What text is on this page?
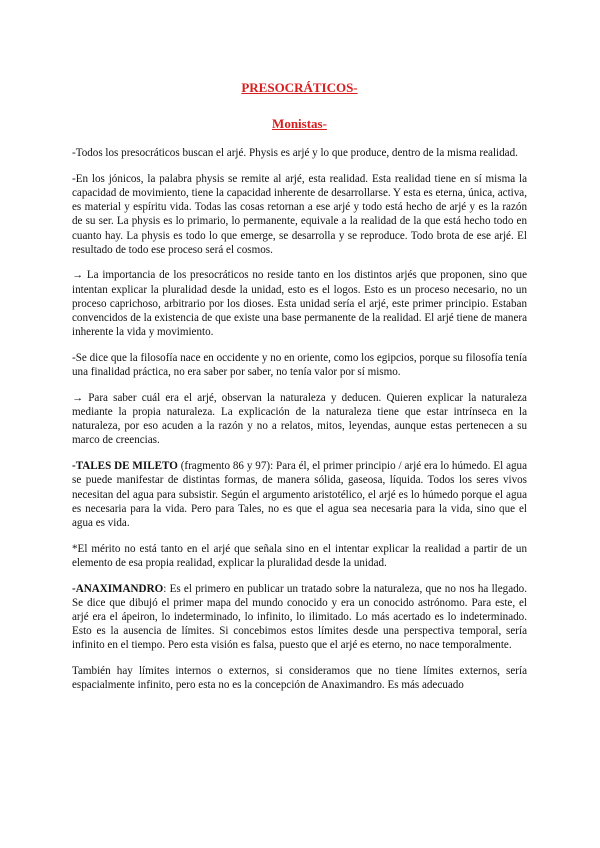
PRESOCRÁTICOS-
Monistas-

-Todos los presocráticos buscan el arjé. Physis es arjé y lo que produce, dentro de la misma realidad.

-En los jónicos, la palabra physis se remite al arjé, esta realidad. Esta realidad tiene en sí misma la capacidad de movimiento, tiene la capacidad inherente de desarrollarse. Y esta es eterna, única, activa, es material y espíritu vida. Todas las cosas retornan a ese arjé y todo está hecho de arjé y es la razón de su ser. La physis es lo primario, lo permanente, equivale a la realidad de la que está hecho todo en cuanto hay. La physis es todo lo que emerge, se desarrolla y se reproduce. Todo brota de ese arjé. El resultado de todo ese proceso será el cosmos.

→ La importancia de los presocráticos no reside tanto en los distintos arjés que proponen, sino que intentan explicar la pluralidad desde la unidad, esto es el logos. Esto es un proceso necesario, no un proceso caprichoso, arbitrario por los dioses. Esta unidad sería el arjé, este primer principio. Estaban convencidos de la existencia de que existe una base permanente de la realidad. El arjé tiene de manera inherente la vida y movimiento.

-Se dice que la filosofía nace en occidente y no en oriente, como los egipcios, porque su filosofía tenía una finalidad práctica, no era saber por saber, no tenía valor por sí mismo.

→ Para saber cuál era el arjé, observan la naturaleza y deducen. Quieren explicar la naturaleza mediante la propia naturaleza. La explicación de la naturaleza tiene que estar intrínseca en la naturaleza, por eso acuden a la razón y no a relatos, mitos, leyendas, aunque estas pertenecen a su marco de creencias.

-TALES DE MILETO (fragmento 86 y 97): Para él, el primer principio / arjé era lo húmedo. El agua se puede manifestar de distintas formas, de manera sólida, gaseosa, líquida. Todos los seres vivos necesitan del agua para subsistir. Según el argumento aristotélico, el arjé es lo húmedo porque el agua es necesaria para la vida. Pero para Tales, no es que el agua sea necesaria para la vida, sino que el agua es vida.

*El mérito no está tanto en el arjé que señala sino en el intentar explicar la realidad a partir de un elemento de esa propia realidad, explicar la pluralidad desde la unidad.

-ANAXIMANDRO: Es el primero en publicar un tratado sobre la naturaleza, que no nos ha llegado. Se dice que dibujó el primer mapa del mundo conocido y era un conocido astrónomo. Para este, el arjé era el ápeiron, lo indeterminado, lo infinito, lo ilimitado. Lo más acertado es lo indeterminado. Esto es la ausencia de límites. Si concebimos estos límites desde una perspectiva temporal, sería infinito en el tiempo. Pero esta visión es falsa, puesto que el arjé es eterno, no nace temporalmente.

También hay límites internos o externos, si consideramos que no tiene límites externos, sería espacialmente infinito, pero esta no es la concepción de Anaximandro. Es más adecuado
